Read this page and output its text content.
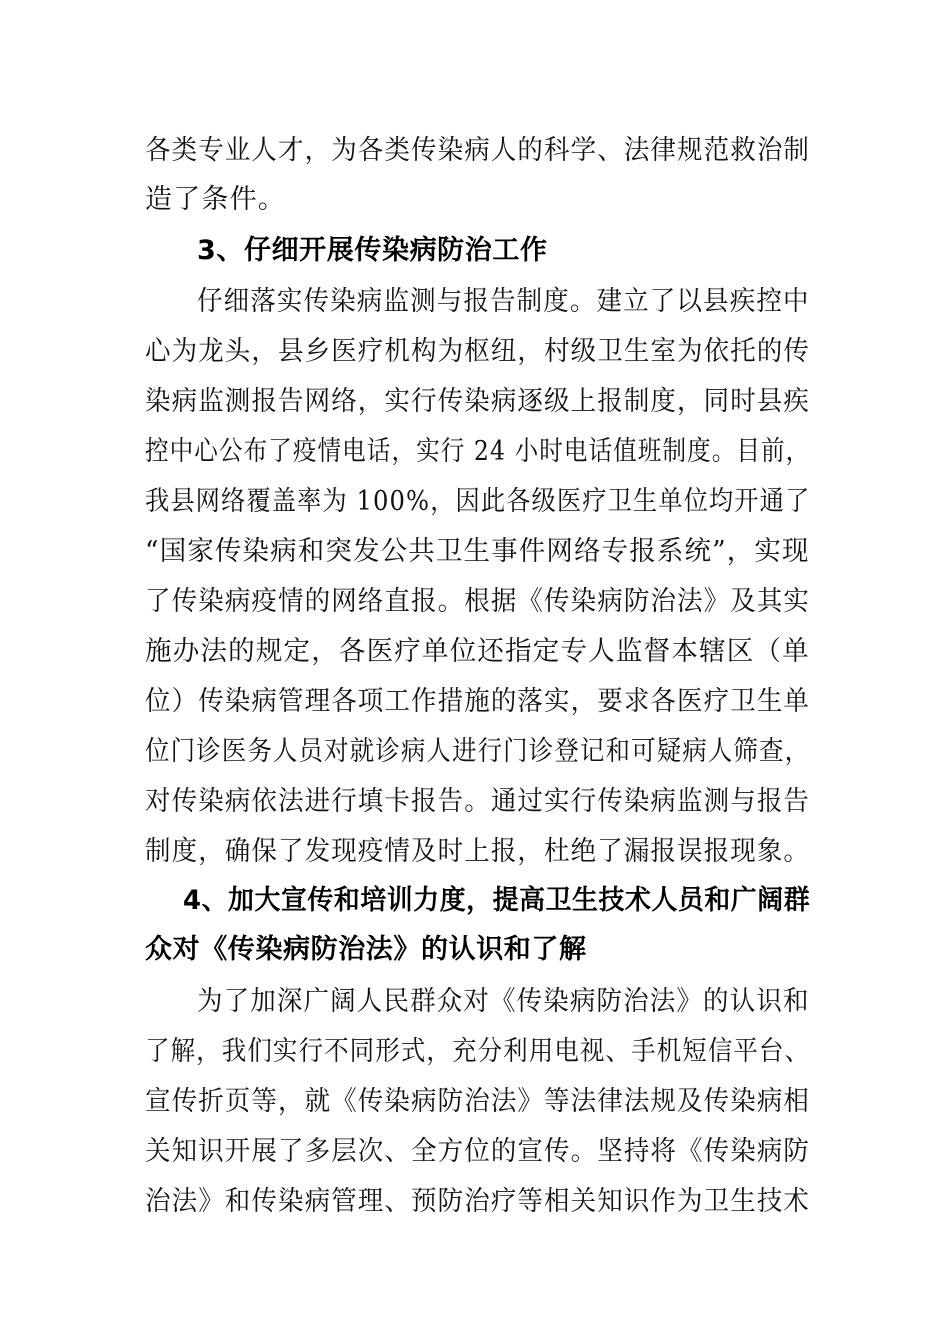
各类专业人才，为各类传染病人的科学、法律规范救治制
造了条件。
3、仔细开展传染病防治工作
仔细落实传染病监测与报告制度。建立了以县疾控中
心为龙头，县乡医疗机构为枢纽，村级卫生室为依托的传
染病监测报告网络，实行传染病逐级上报制度，同时县疾
控中心公布了疫情电话，实行 24 小时电话值班制度。目前，
我县网络覆盖率为 100%，因此各级医疗卫生单位均开通了
“国家传染病和突发公共卫生事件网络专报系统”，实现
了传染病疫情的网络直报。根据《传染病防治法》及其实
施办法的规定，各医疗单位还指定专人监督本辖区（单
位）传染病管理各项工作措施的落实，要求各医疗卫生单
位门诊医务人员对就诊病人进行门诊登记和可疑病人筛查，
对传染病依法进行填卡报告。通过实行传染病监测与报告
制度，确保了发现疫情及时上报，杜绝了漏报误报现象。
4、加大宣传和培训力度，提高卫生技术人员和广阔群
众对《传染病防治法》的认识和了解
为了加深广阔人民群众对《传染病防治法》的认识和
了解，我们实行不同形式，充分利用电视、手机短信平台、
宣传折页等，就《传染病防治法》等法律法规及传染病相
关知识开展了多层次、全方位的宣传。坚持将《传染病防
治法》和传染病管理、预防治疗等相关知识作为卫生技术
